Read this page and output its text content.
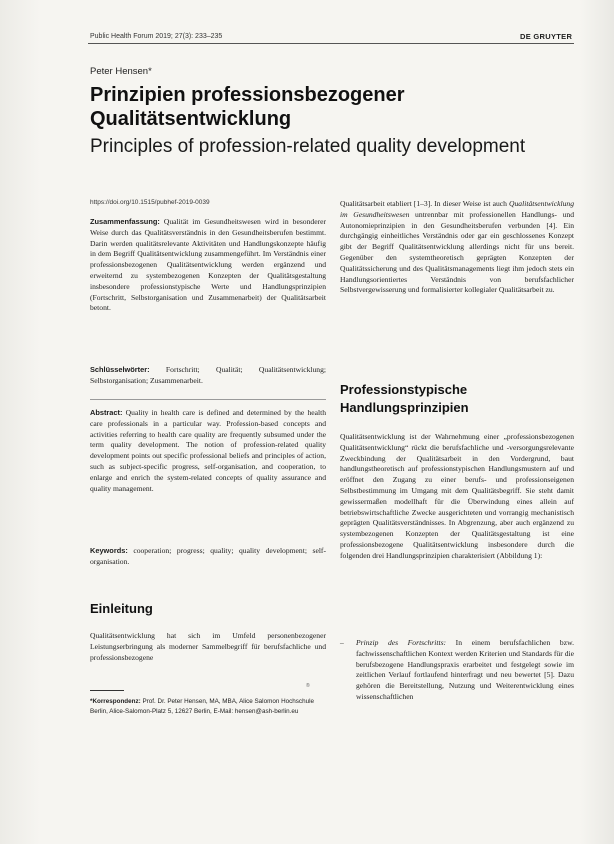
Public Health Forum 2019; 27(3): 233–235	DE GRUYTER
Peter Hensen*
Prinzipien professionsbezogener Qualitätsentwicklung
Principles of profession-related quality development
https://doi.org/10.1515/pubhef-2019-0039

Zusammenfassung: Qualität im Gesundheitswesen wird in besonderer Weise durch das Qualitätsverständnis in den Gesundheitsberufen bestimmt. Darin werden qualitätsrelevante Aktivitäten und Handlungskonzepte häufig in dem Begriff Qualitätsentwicklung zusammengeführt. Im Verständnis einer professionsbezogenen Qualitätsentwicklung werden ergänzend und erweiternd zu systembezogenen Konzepten der Qualitätsgestaltung insbesondere professionstypische Werte und Handlungsprinzipien (Fortschritt, Selbstorganisation und Zusammenarbeit) der Qualitätsarbeit betont.

Schlüsselwörter: Fortschritt; Qualität; Qualitätsentwicklung; Selbstorganisation; Zusammenarbeit.

Abstract: Quality in health care is defined and determined by the health care professionals in a particular way. Profession-based concepts and activities referring to health care quality are frequently subsumed under the term quality development. The notion of profession-related quality development points out specific professional beliefs and principles of action, such as subject-specific progress, self-organisation, and cooperation, to enlarge and enrich the system-related concepts of quality assurance and quality management.

Keywords: cooperation; progress; quality; quality development; self-organisation.

Einleitung

Qualitätsentwicklung hat sich im Umfeld personenbezogener Leistungserbringung als moderner Sammelbegriff für berufsfachliche und professionsbezogene

®
*Korrespondenz: Prof. Dr. Peter Hensen, MA, MBA, Alice Salomon Hochschule Berlin, Alice-Salomon-Platz 5, 12627 Berlin, E-Mail: hensen@ash-berlin.eu

Qualitätsarbeit etabliert [1–3]. In dieser Weise ist auch Qualitätsentwicklung im Gesundheitswesen untrennbar mit professionellen Handlungs- und Autonomieprinzipien in den Gesundheitsberufen verbunden [4]. Ein durchgängig einheitliches Verständnis oder gar ein geschlossenes Konzept gibt der Begriff Qualitätsentwicklung allerdings nicht für uns bereit. Gegenüber den systemtheoretisch geprägten Konzepten der Qualitätssicherung und des Qualitätsmanagements liegt ihm jedoch stets ein Handlungsorientiertes Verständnis von berufsfachlicher Selbstvergewisserung und formalisierter kollegialer Qualitätsarbeit zu.

Professionstypische
Handlungsprinzipien

Qualitätsentwicklung ist der Wahrnehmung einer „professionsbezogenen Qualitätsentwicklung“ rückt die berufsfachliche und -versorgungsrelevante Zweckbindung der Qualitätsarbeit in den Vordergrund, baut handlungstheoretisch auf professionstypischen Handlungsmustern auf und eröffnet den Zugang zu einer berufs- und professionseigenen Selbstbestimmung im Umgang mit dem Qualitätsbegriff. Sie steht damit gewissermaßen modellhaft für die Überwindung eines allein auf betriebswirtschaftliche Zwecke ausgerichteten und vorrangig mechanistisch geprägten Qualitätsverständnisses. In Abgrenzung, aber auch ergänzend zu systembezogenen Konzepten der Qualitätsgestaltung ist eine professionsbezogene Qualitätsentwicklung insbesondere durch die folgenden drei Handlungsprinzipien charakterisiert (Abbildung 1):

– Prinzip des Fortschritts: In einem berufsfachlichen bzw. fachwissenschaftlichen Kontext werden Kriterien und Standards für die berufsbezogene Handlungspraxis erarbeitet und festgelegt sowie im zeitlichen Verlauf fortlaufend hinterfragt und neu bewertet [5]. Dazu gehören die Bereitstellung, Nutzung und Weiterentwicklung eines wissenschaftlichen
